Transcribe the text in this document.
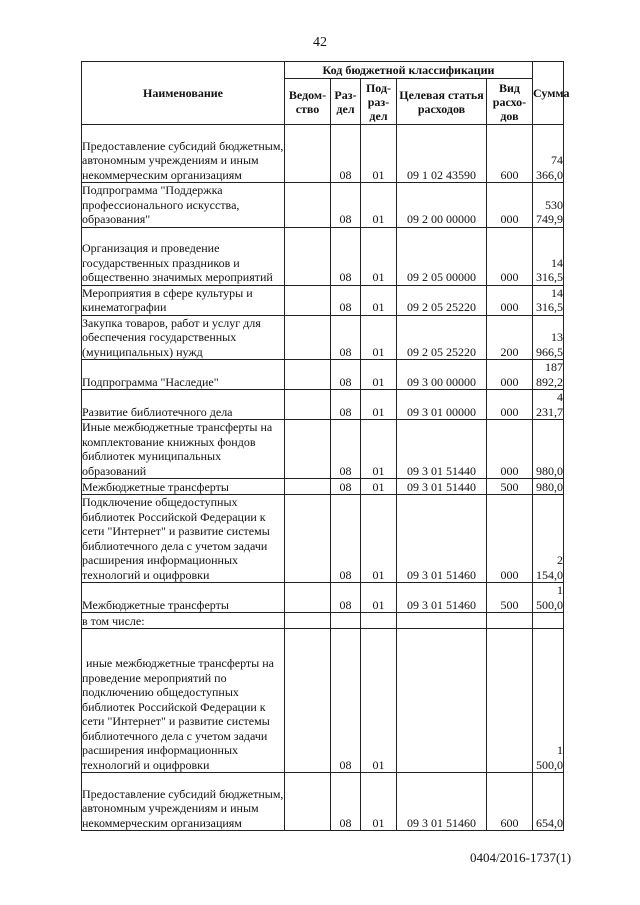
42
Наименование	Код бюджетной классификации					Сумма
	Ведом-ство	Раз-дел	Под-раз-дел	Целевая статья расходов	Вид расхо-дов	
Предоставление субсидий бюджетным, автономным учреждениям и иным некоммерческим организациям		08	01	09 1 02 43590	600	74 366,0
Подпрограмма "Поддержка профессионального искусства, образования"		08	01	09 2 00 00000	000	530 749,9
Организация и проведение государственных праздников и общественно значимых мероприятий		08	01	09 2 05 00000	000	14 316,5
Мероприятия в сфере культуры и кинематографии		08	01	09 2 05 25220	000	14 316,5
Закупка товаров, работ и услуг для обеспечения государственных (муниципальных) нужд		08	01	09 2 05 25220	200	13 966,5
Подпрограмма "Наследие"		08	01	09 3 00 00000	000	187 892,2
Развитие библиотечного дела		08	01	09 3 01 00000	000	4 231,7
Иные межбюджетные трансферты на комплектование книжных фондов библиотек муниципальных образований		08	01	09 3 01 51440	000	980,0
Межбюджетные трансферты		08	01	09 3 01 51440	500	980,0
Подключение общедоступных библиотек Российской Федерации к сети "Интернет" и развитие системы библиотечного дела с учетом задачи расширения информационных технологий и оцифровки		08	01	09 3 01 51460	000	2 154,0
Межбюджетные трансферты		08	01	09 3 01 51460	500	1 500,0
в том числе:						
иные межбюджетные трансферты на проведение мероприятий по подключению общедоступных библиотек Российской Федерации к сети "Интернет" и развитие системы библиотечного дела с учетом задачи расширения информационных технологий и оцифровки		08	01			1 500,0
Предоставление субсидий бюджетным, автономным учреждениям и иным некоммерческим организациям		08	01	09 3 01 51460	600	654,0
0404/2016-1737(1)
